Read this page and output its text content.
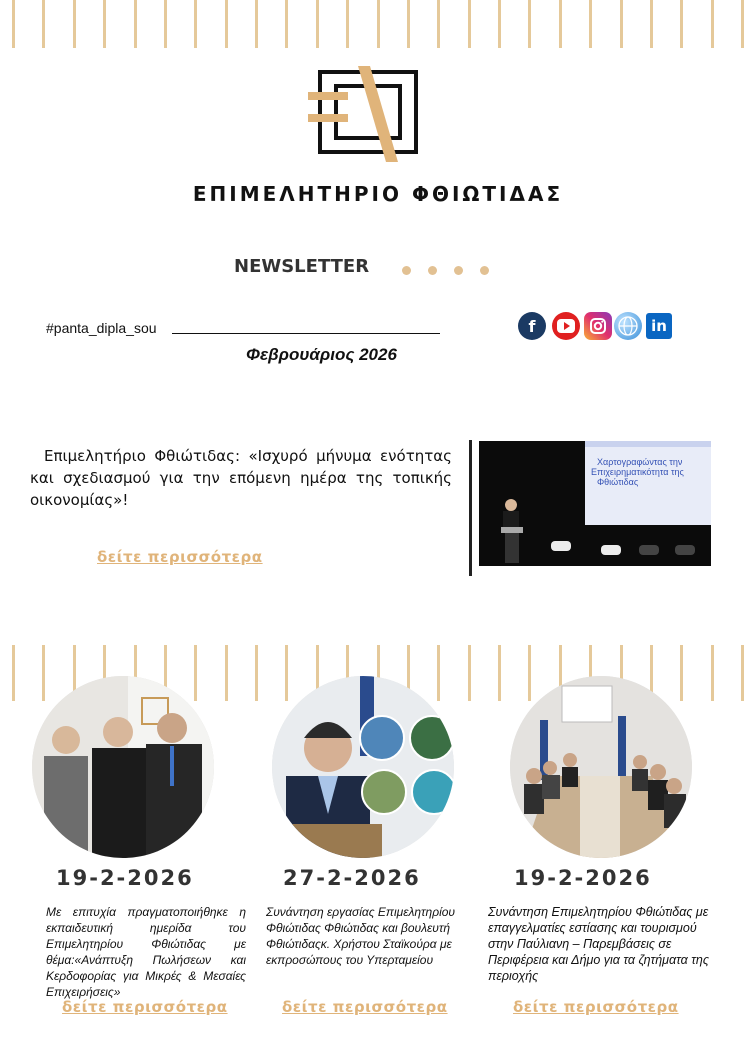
ΕΠΙΜΕΛΗΤΗΡΙΟ ΦΘΙΩΤΙΔΑΣ
NEWSLETTER
#panta_dipla_sou
Φεβρουάριος 2026
f	in
Επιμελητήριο Φθιώτιδας: «Ισχυρό μήνυμα ενότητας και σχεδιασμού για την επόμενη ημέρα της τοπικής οικονομίας»!
δείτε περισσότερα
Χαρτογραφώντας την
Επιχειρηματικότητα της
Φθιώτιδας
19-2-2026
Με επιτυχία πραγματοποιήθηκε η εκπαιδευτική ημερίδα του Επιμελητηρίου Φθιώτιδας με θέμα:«Ανάπτυξη Πωλήσεων και Κερδοφορίας για Μικρές & Μεσαίες Επιχειρήσεις»
δείτε περισσότερα
27-2-2026
Συνάντηση εργασίας Επιμελητηρίου Φθιώτιδας Φθιώτιδας και βουλευτή Φθιώτιδαςκ. Χρήστου Σταϊκούρα με εκπροσώπους του Υπερταμείου
δείτε περισσότερα
19-2-2026
Συνάντηση Επιμελητηρίου Φθιώτιδας με επαγγελματίες εστίασης και τουρισμού στην Παύλιανη – Παρεμβάσεις σε Περιφέρεια και Δήμο για τα ζητήματα της περιοχής
δείτε περισσότερα
